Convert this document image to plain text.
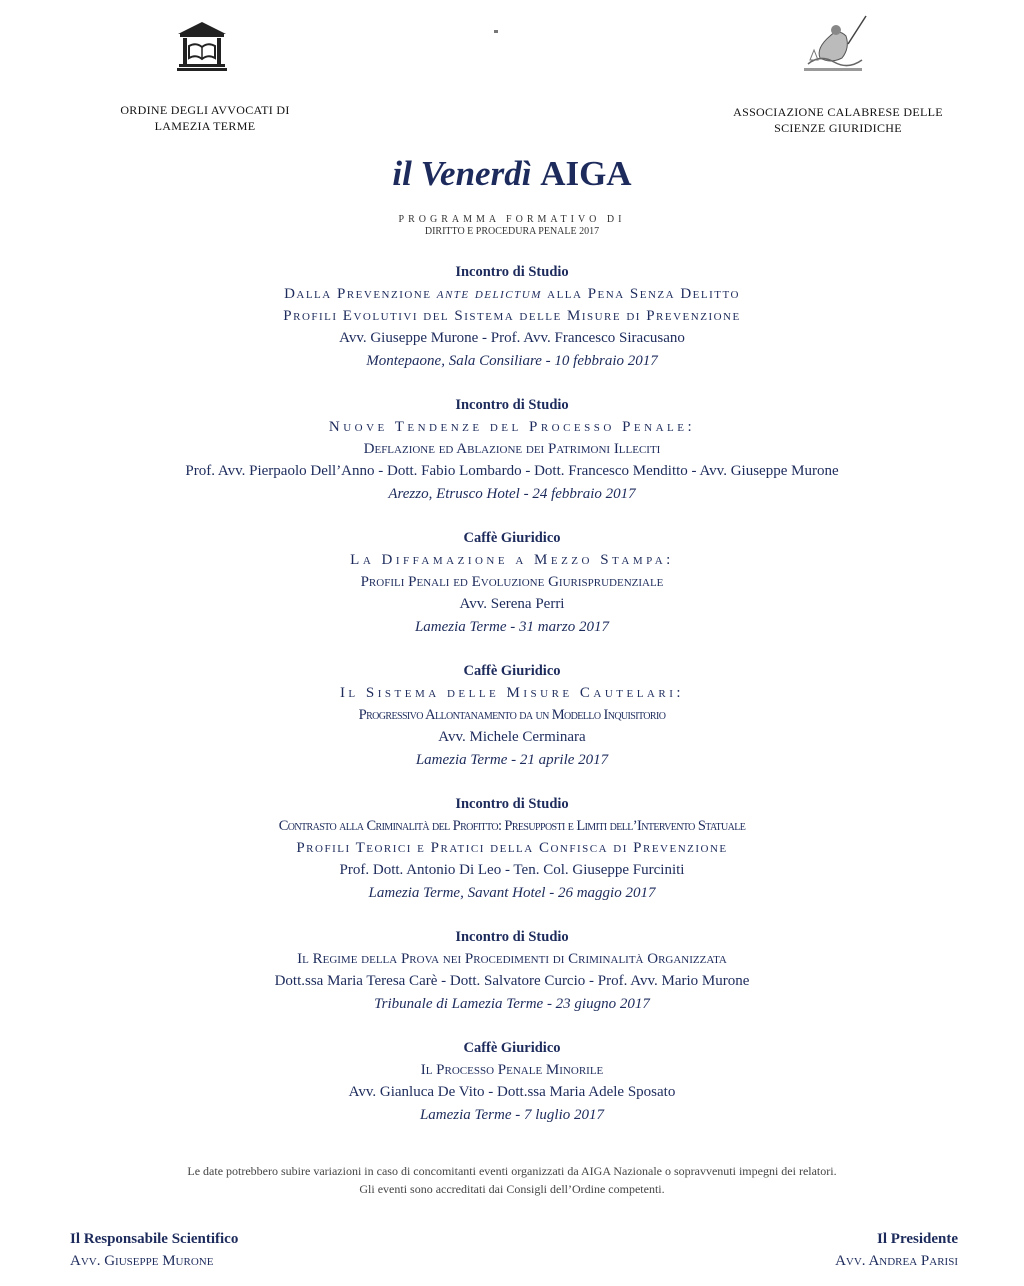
ORDINE DEGLI AVVOCATI DI
LAMEZIA TERME
ASSOCIAZIONE CALABRESE DELLE
SCIENZE GIURIDICHE
il Venerdì AIGA
PROGRAMMA FORMATIVO DI
DIRITTO E PROCEDURA PENALE 2017
Incontro di Studio
Dalla Prevenzione ante delictum alla Pena Senza Delitto
Profili Evolutivi del Sistema delle Misure di Prevenzione
Avv. Giuseppe Murone - Prof. Avv. Francesco Siracusano
Montepaone, Sala Consiliare - 10 febbraio 2017
Incontro di Studio
Nuove Tendenze del Processo Penale:
Deflazione ed Ablazione dei Patrimoni Illeciti
Prof. Avv. Pierpaolo Dell’Anno - Dott. Fabio Lombardo - Dott. Francesco Menditto - Avv. Giuseppe Murone
Arezzo, Etrusco Hotel - 24 febbraio 2017
Caffè Giuridico
La Diffamazione a Mezzo Stampa:
Profili Penali ed Evoluzione Giurisprudenziale
Avv. Serena Perri
Lamezia Terme - 31 marzo 2017
Caffè Giuridico
Il Sistema delle Misure Cautelari:
Progressivo Allontanamento da un Modello Inquisitorio
Avv. Michele Cerminara
Lamezia Terme - 21 aprile 2017
Incontro di Studio
Contrasto alla Criminalità del Profitto: Presupposti e Limiti dell’Intervento Statuale
Profili Teorici e Pratici della Confisca di Prevenzione
Prof. Dott. Antonio Di Leo - Ten. Col. Giuseppe Furciniti
Lamezia Terme, Savant Hotel - 26 maggio 2017
Incontro di Studio
Il Regime della Prova nei Procedimenti di Criminalità Organizzata
Dott.ssa Maria Teresa Carè - Dott. Salvatore Curcio - Prof. Avv. Mario Murone
Tribunale di Lamezia Terme - 23 giugno 2017
Caffè Giuridico
Il Processo Penale Minorile
Avv. Gianluca De Vito - Dott.ssa Maria Adele Sposato
Lamezia Terme - 7 luglio 2017
Le date potrebbero subire variazioni in caso di concomitanti eventi organizzati da AIGA Nazionale o sopravvenuti impegni dei relatori.
Gli eventi sono accreditati dai Consigli dell’Ordine competenti.
Il Responsabile Scientifico
Avv. Giuseppe Murone
Il Presidente
Avv. Andrea Parisi
